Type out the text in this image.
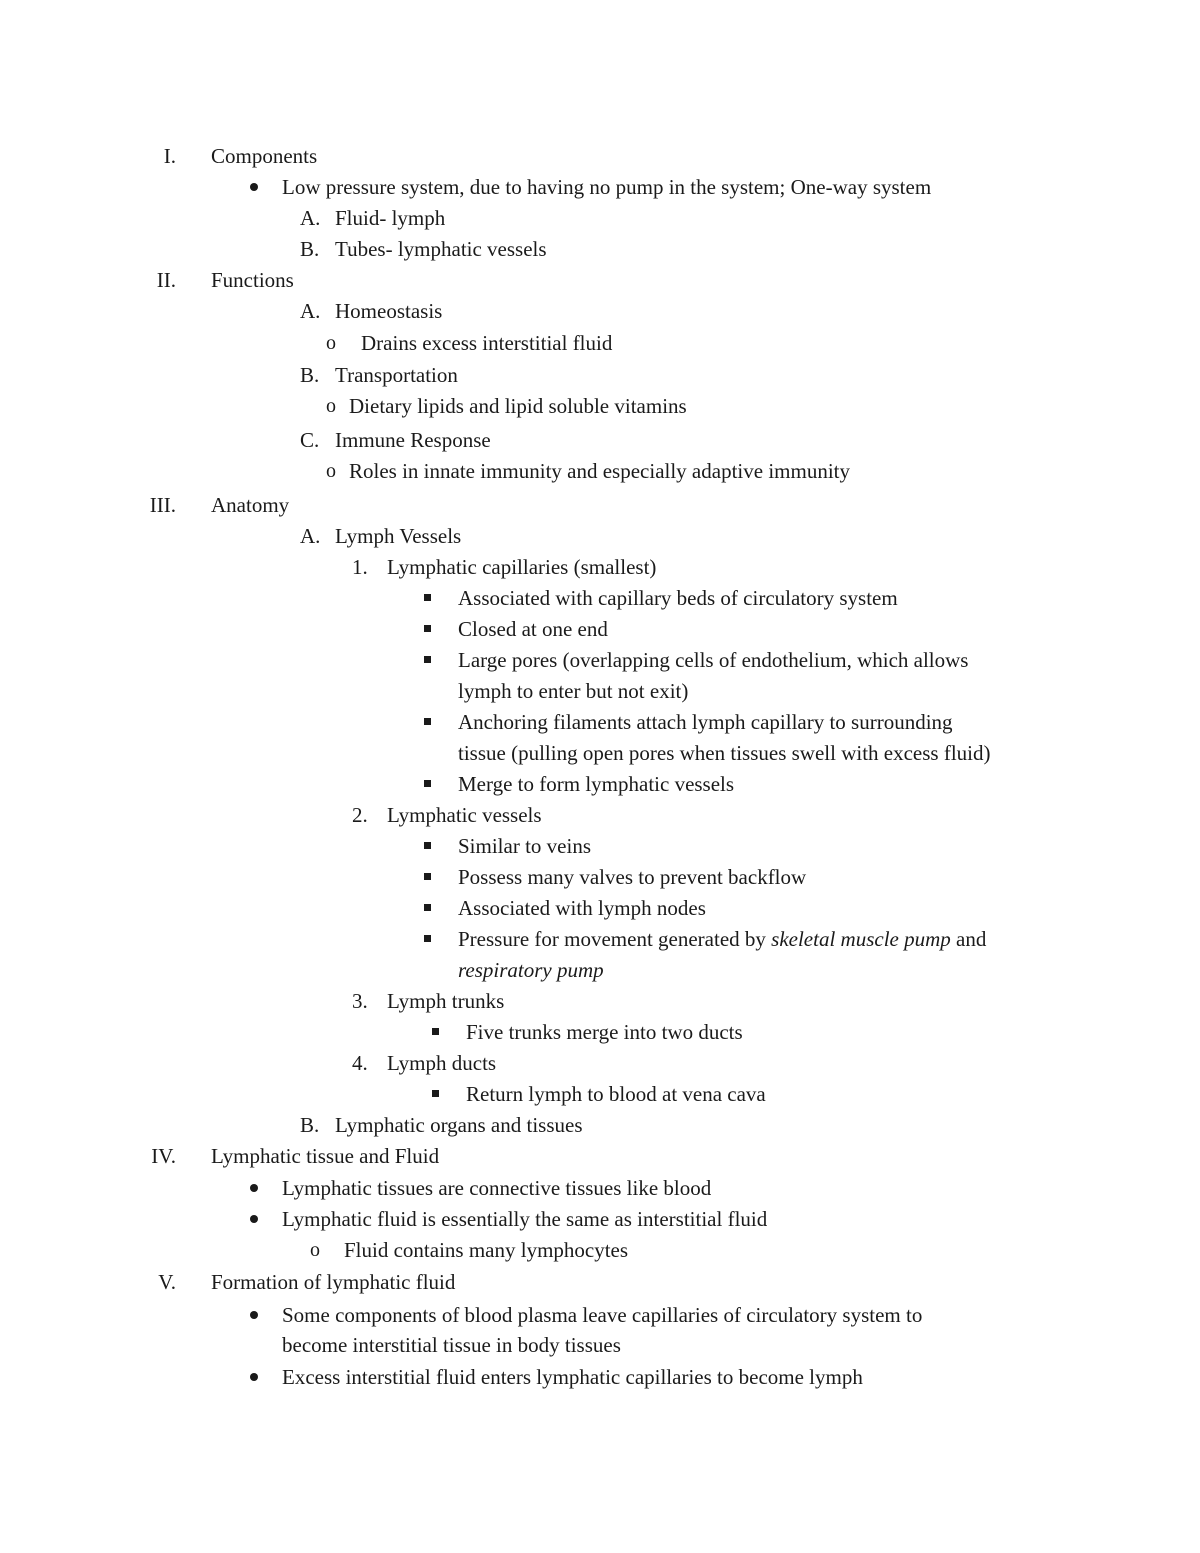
I. Components
Low pressure system, due to having no pump in the system; One-way system
A. Fluid- lymph
B. Tubes- lymphatic vessels
II. Functions
A. Homeostasis
o Drains excess interstitial fluid
B. Transportation
o Dietary lipids and lipid soluble vitamins
C. Immune Response
o Roles in innate immunity and especially adaptive immunity
III. Anatomy
A. Lymph Vessels
1. Lymphatic capillaries (smallest)
Associated with capillary beds of circulatory system
Closed at one end
Large pores (overlapping cells of endothelium, which allows
lymph to enter but not exit)
Anchoring filaments attach lymph capillary to surrounding
tissue (pulling open pores when tissues swell with excess fluid)
Merge to form lymphatic vessels
2. Lymphatic vessels
Similar to veins
Possess many valves to prevent backflow
Associated with lymph nodes
Pressure for movement generated by skeletal muscle pump and
respiratory pump
3. Lymph trunks
Five trunks merge into two ducts
4. Lymph ducts
Return lymph to blood at vena cava
B. Lymphatic organs and tissues
IV. Lymphatic tissue and Fluid
Lymphatic tissues are connective tissues like blood
Lymphatic fluid is essentially the same as interstitial fluid
o Fluid contains many lymphocytes
V. Formation of lymphatic fluid
Some components of blood plasma leave capillaries of circulatory system to
become interstitial tissue in body tissues
Excess interstitial fluid enters lymphatic capillaries to become lymph
